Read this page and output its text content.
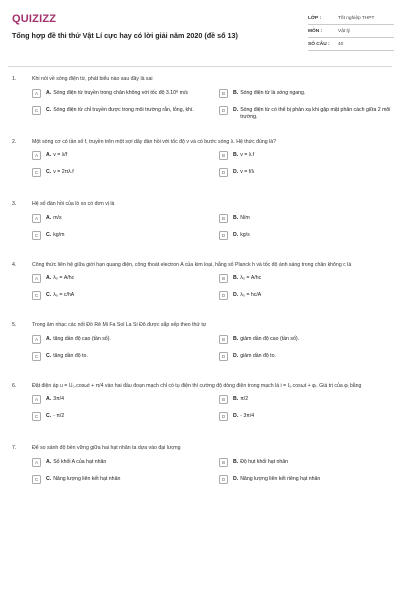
QUIZIZZ
Tổng hợp đề thi thử Vật Lí cực hay có lời giải năm 2020 (đề số 13)
LỚP :	Tốt nghiệp THPT
MÔN :	Vật lý
SỐ CÂU :	40
1.	Khi nói về sóng điện từ, phát biểu nào sau đây là sai
A	A. Sóng điện từ truyền trong chân không với tốc độ 3.10⁸ m/s	B	B. Sóng điện từ là sóng ngang.
C	C. Sóng điện từ chỉ truyền được trong môi trường rắn, lỏng, khí.	D	D. Sóng điện từ có thể bị phản xạ khi gặp mặt phân cách giữa 2 môi trường.
2.	Một sóng cơ có tần số f, truyền trên một sợi dây đàn hồi với tốc độ v và có bước sóng λ. Hệ thức đúng là?
A	A. v = λ/f	B	B. v = λ.f
C	C. v = 2πλ.f	D	D. v = f/λ
3.	Hệ số đàn hồi của lò xo có đơn vị là
A	A. m/s	B	B. N/m
C	C. kg/m	D	D. kg/s
4.	Công thức liên hệ giữa giới hạn quang điện, công thoát electron A của kim loại, hằng số Planck h và tốc độ ánh sáng trong chân không c là
A	A. λ₀ = A/hc	B	B. λ₀ = A/hc
C	C. λ₀ = c/hA	D	D. λ₀ = hc/A
5.	Trong âm nhạc các nốt Đồ Rê Mi Fa Sol La Si Đô được sắp xếp theo thứ tự
A	A. tăng dần độ cao (tần số).	B	B. giảm dần độ cao (tần số).
C	C. tăng dần độ to.	D	D. giảm dần độ to.
6.	Đặt điện áp u = U₀.cosωt + π/4 vào hai đầu đoạn mạch chỉ có tụ điện thì cường độ dòng điện trong mạch là i = I₀.cosωt + φᵢ. Giá trị của φᵢ bằng
A	A. 3π/4	B	B. π/2
C	C. - π/2	D	D. - 3π/4
7.	Để so sánh độ bền vững giữa hai hạt nhân ta dựa vào đại lượng
A	A. Số khối A của hạt nhân	B	B. Độ hụt khối hạt nhân
C	C. Năng lượng liên kết hạt nhân	D	D. Năng lượng liên kết riêng hạt nhân
